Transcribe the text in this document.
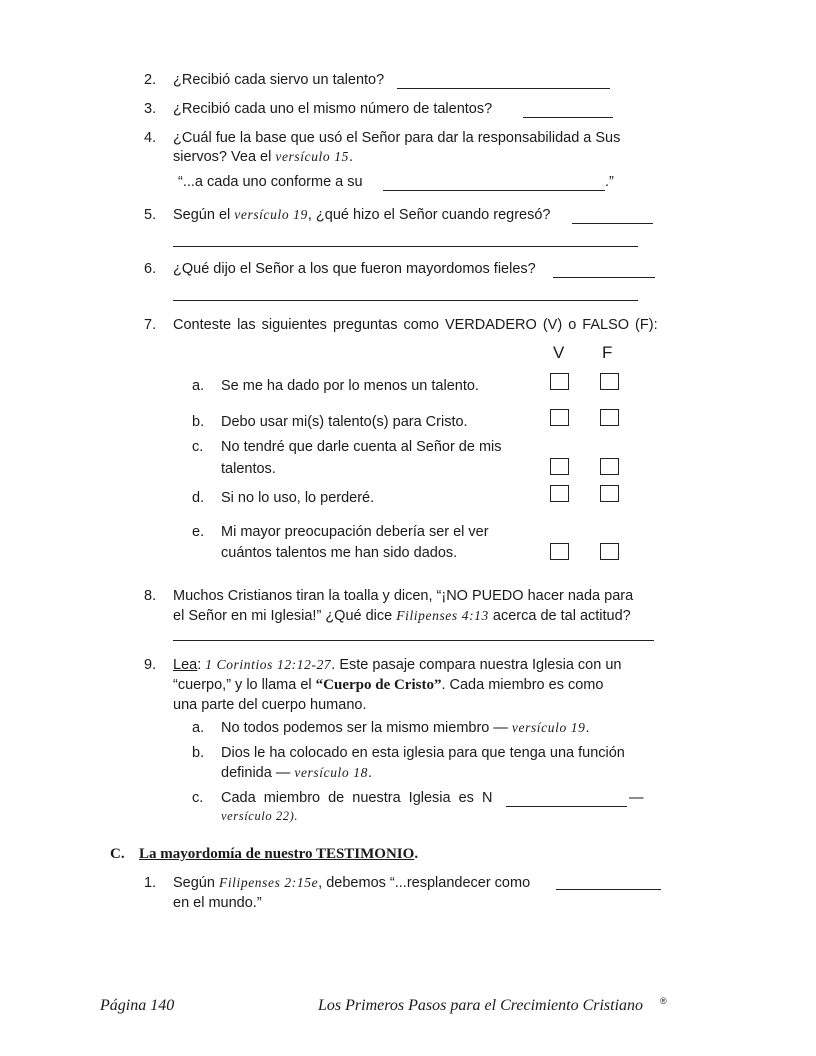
2.	¿Recibió cada siervo un talento?
3.	¿Recibió cada uno el mismo número de talentos?
4.	¿Cuál fue la base que usó el Señor para dar la responsabilidad a Sus
siervos? Vea el versículo 15.
“...a cada uno conforme a su	.”
5.	Según el versículo 19, ¿qué hizo el Señor cuando regresó?
6.	¿Qué dijo el Señor a los que fueron mayordomos fieles?
7.	Conteste las siguientes preguntas como VERDADERO (V) o FALSO (F):
V F
a.	Se me ha dado por lo menos un talento.
b.	Debo usar mi(s) talento(s) para Cristo.
c.	No tendré que darle cuenta al Señor de mis
talentos.
d.	Si no lo uso, lo perderé.
e.	Mi mayor preocupación debería ser el ver
cuántos talentos me han sido dados.
8.	Muchos Cristianos tiran la toalla y dicen, “¡NO PUEDO hacer nada para
el Señor en mi Iglesia!” ¿Qué dice Filipenses 4:13 acerca de tal actitud?
9.	Lea: 1 Corintios 12:12-27. Este pasaje compara nuestra Iglesia con un
“cuerpo,” y lo llama el “Cuerpo de Cristo”. Cada miembro es como
una parte del cuerpo humano.
a.	No todos podemos ser la mismo miembro — versículo 19.
b.	Dios le ha colocado en esta iglesia para que tenga una función
definida — versículo 18.
c.	Cada miembro de nuestra Iglesia es N	—
versículo 22).
C. La mayordomía de nuestro TESTIMONIO.
1.	Según Filipenses 2:15e, debemos “...resplandecer como
en el mundo.”
Página 140	Los Primeros Pasos para el Crecimiento Cristiano ®
